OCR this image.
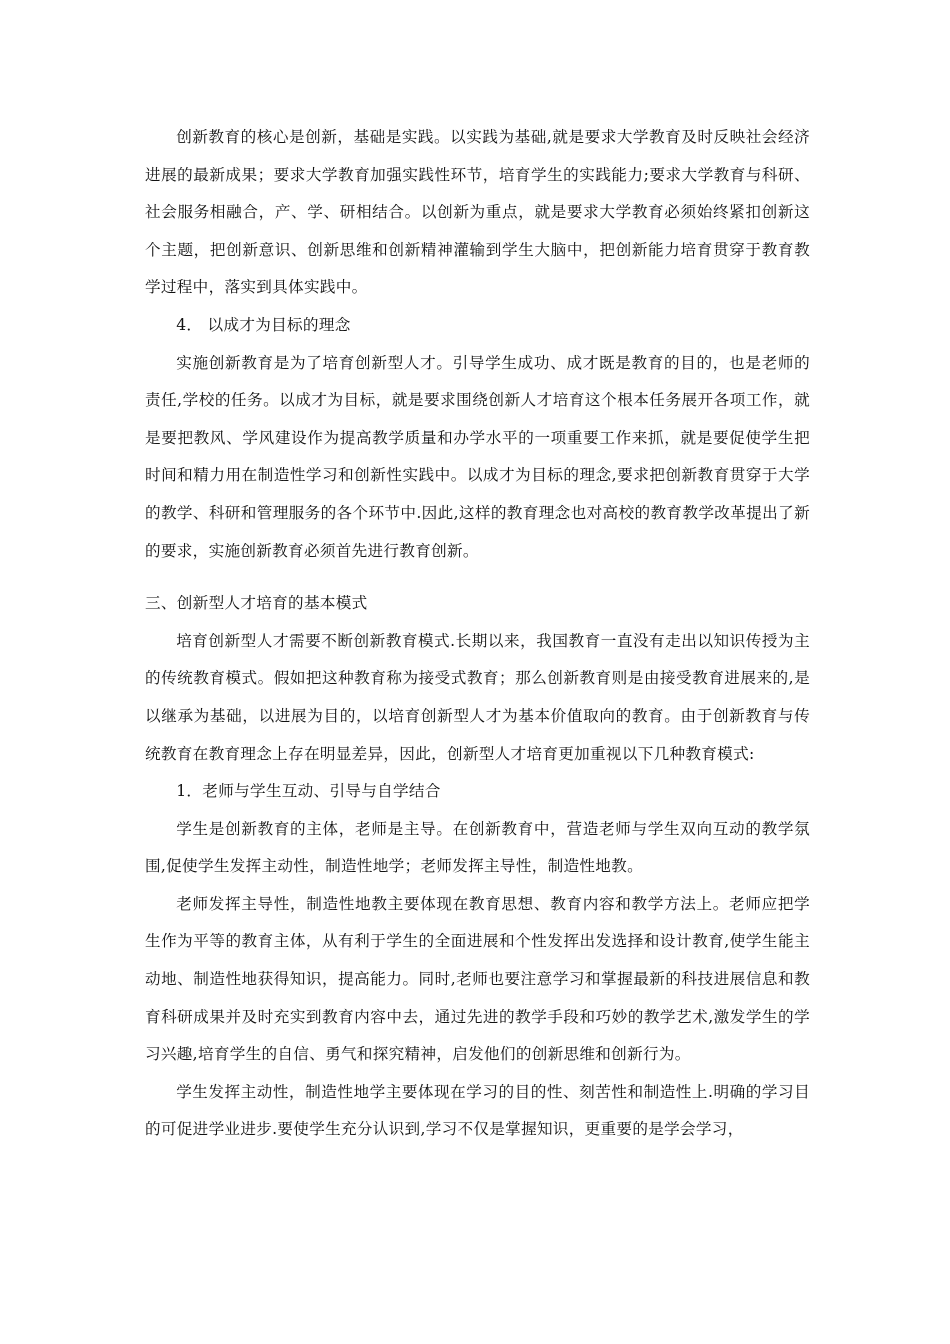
创新教育的核心是创新，基础是实践。以实践为基础,就是要求大学教育及时反映社会经济进展的最新成果；要求大学教育加强实践性环节，培育学生的实践能力;要求大学教育与科研、社会服务相融合，产、学、研相结合。以创新为重点，就是要求大学教育必须始终紧扣创新这个主题，把创新意识、创新思维和创新精神灌输到学生大脑中，把创新能力培育贯穿于教育教学过程中，落实到具体实践中。

4． 以成才为目标的理念

实施创新教育是为了培育创新型人才。引导学生成功、成才既是教育的目的，也是老师的责任,学校的任务。以成才为目标，就是要求围绕创新人才培育这个根本任务展开各项工作，就是要把教风、学风建设作为提高教学质量和办学水平的一项重要工作来抓，就是要促使学生把时间和精力用在制造性学习和创新性实践中。以成才为目标的理念,要求把创新教育贯穿于大学的教学、科研和管理服务的各个环节中.因此,这样的教育理念也对高校的教育教学改革提出了新的要求，实施创新教育必须首先进行教育创新。

三、创新型人才培育的基本模式

培育创新型人才需要不断创新教育模式.长期以来，我国教育一直没有走出以知识传授为主的传统教育模式。假如把这种教育称为接受式教育；那么创新教育则是由接受教育进展来的,是以继承为基础，以进展为目的，以培育创新型人才为基本价值取向的教育。由于创新教育与传统教育在教育理念上存在明显差异，因此，创新型人才培育更加重视以下几种教育模式:

1．老师与学生互动、引导与自学结合

学生是创新教育的主体，老师是主导。在创新教育中，营造老师与学生双向互动的教学氛围,促使学生发挥主动性，制造性地学；老师发挥主导性，制造性地教。

老师发挥主导性，制造性地教主要体现在教育思想、教育内容和教学方法上。老师应把学生作为平等的教育主体，从有利于学生的全面进展和个性发挥出发选择和设计教育,使学生能主动地、制造性地获得知识，提高能力。同时,老师也要注意学习和掌握最新的科技进展信息和教育科研成果并及时充实到教育内容中去，通过先进的教学手段和巧妙的教学艺术,激发学生的学习兴趣,培育学生的自信、勇气和探究精神，启发他们的创新思维和创新行为。

学生发挥主动性，制造性地学主要体现在学习的目的性、刻苦性和制造性上.明确的学习目的可促进学业进步.要使学生充分认识到,学习不仅是掌握知识，更重要的是学会学习，
